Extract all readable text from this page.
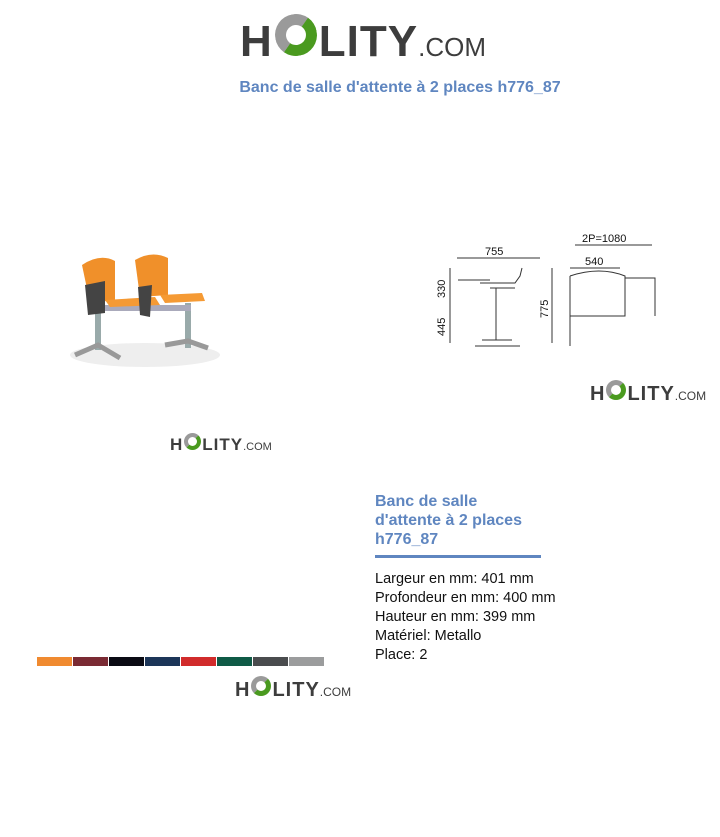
H LITY .COM
Banc de salle d'attente à 2 places h776_87
755
2P=1080
540
330
445
775
H LITY .COM
H LITY .COM
H LITY .COM
Banc de salle d'attente à 2 places h776_87
Largeur en mm: 401 mm
Profondeur en mm: 400 mm
Hauteur en mm: 399 mm
Matériel: Metallo
Place: 2
